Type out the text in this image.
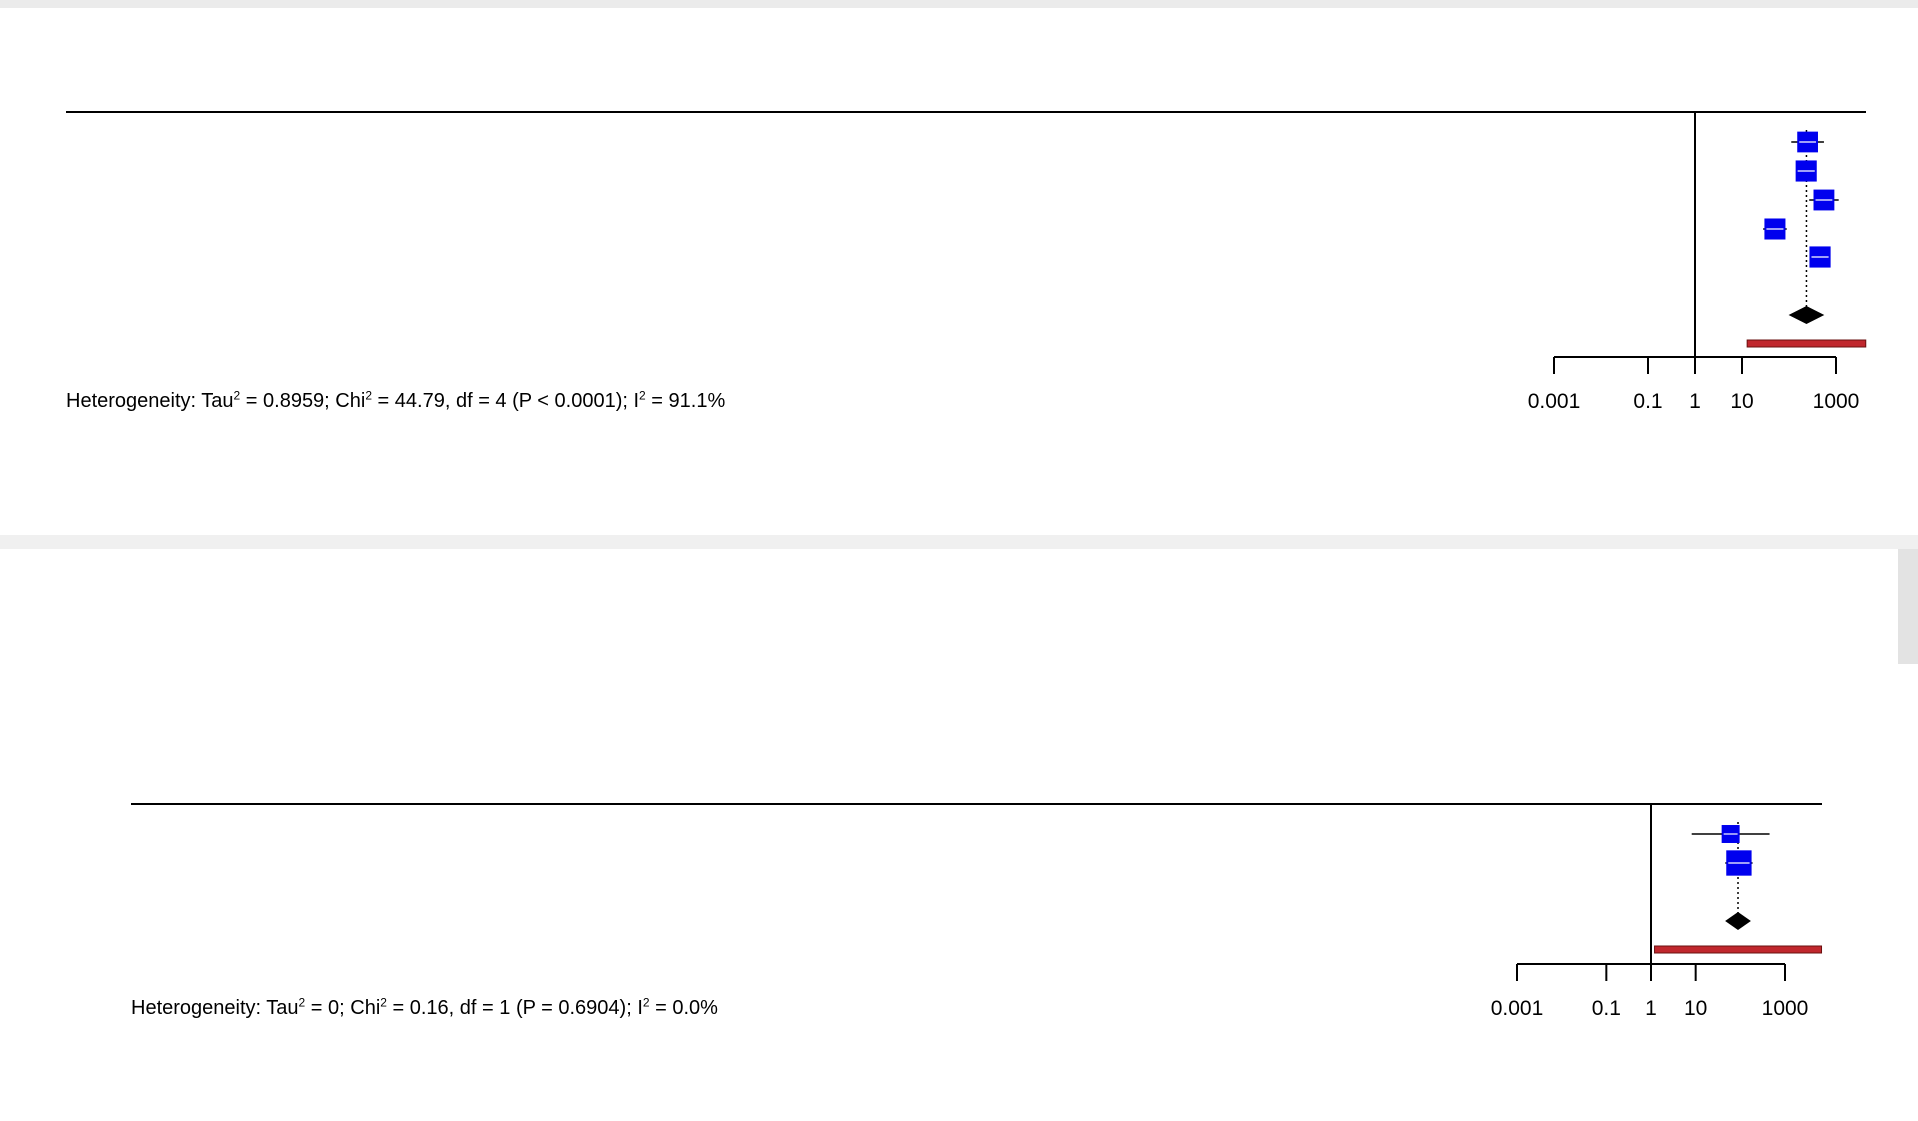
Heterogeneity: Tau$^2$ = 0.8959; Chi$^2$ = 44.79, df = 4 (P < 0.0001); $I^2 = 91.1\%$	0.001	0.1 1 10	1000
Heterogeneity: Tau$^2$ = 0; Chi$^2$ = 0.16, df = 1 (P = 0.6904); $I^2 = 0.0\%$	0.001 0.1 1 10	1000
